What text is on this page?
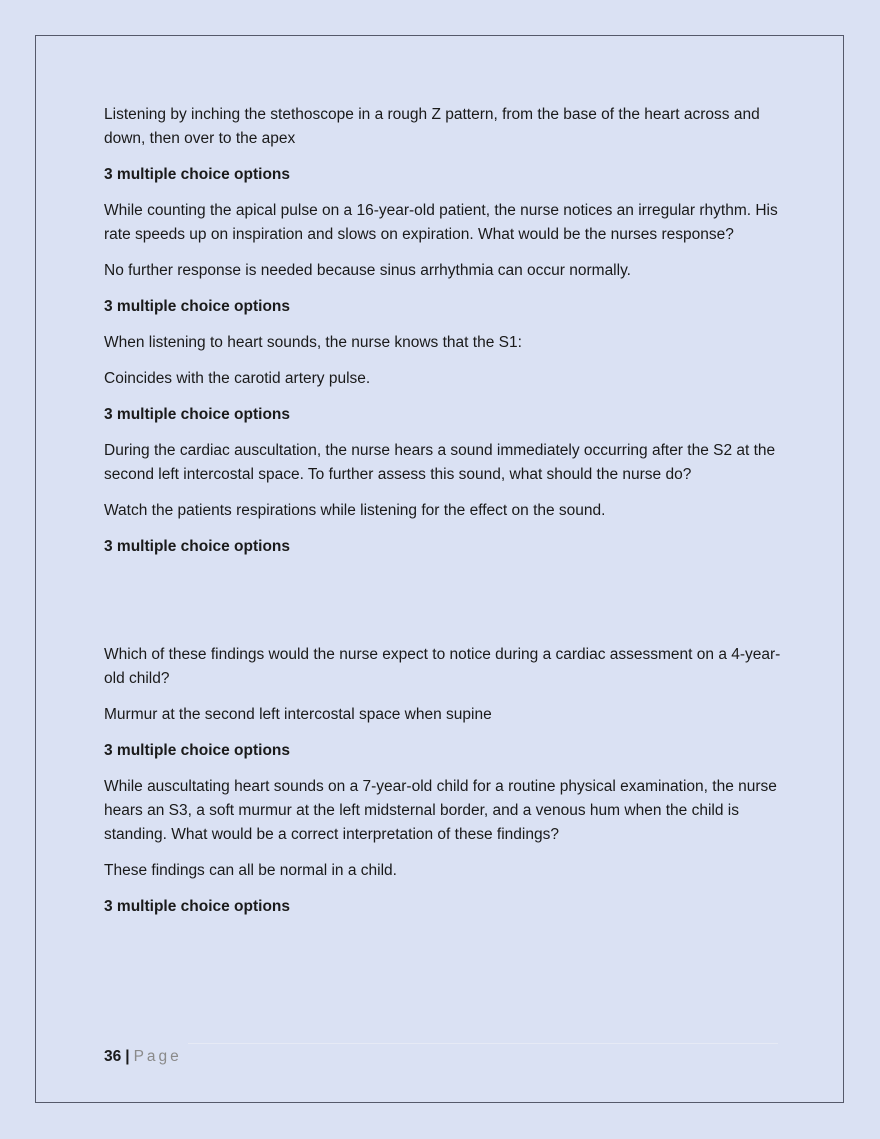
Listening by inching the stethoscope in a rough Z pattern, from the base of the heart across and down, then over to the apex

3 multiple choice options

While counting the apical pulse on a 16-year-old patient, the nurse notices an irregular rhythm. His rate speeds up on inspiration and slows on expiration. What would be the nurses response?

No further response is needed because sinus arrhythmia can occur normally.

3 multiple choice options

When listening to heart sounds, the nurse knows that the S1:

Coincides with the carotid artery pulse.

3 multiple choice options

During the cardiac auscultation, the nurse hears a sound immediately occurring after the S2 at the second left intercostal space. To further assess this sound, what should the nurse do?

Watch the patients respirations while listening for the effect on the sound.

3 multiple choice options

Which of these findings would the nurse expect to notice during a cardiac assessment on a 4-year-old child?

Murmur at the second left intercostal space when supine

3 multiple choice options

While auscultating heart sounds on a 7-year-old child for a routine physical examination, the nurse hears an S3, a soft murmur at the left midsternal border, and a venous hum when the child is standing. What would be a correct interpretation of these findings?

These findings can all be normal in a child.

3 multiple choice options

36 | Page
